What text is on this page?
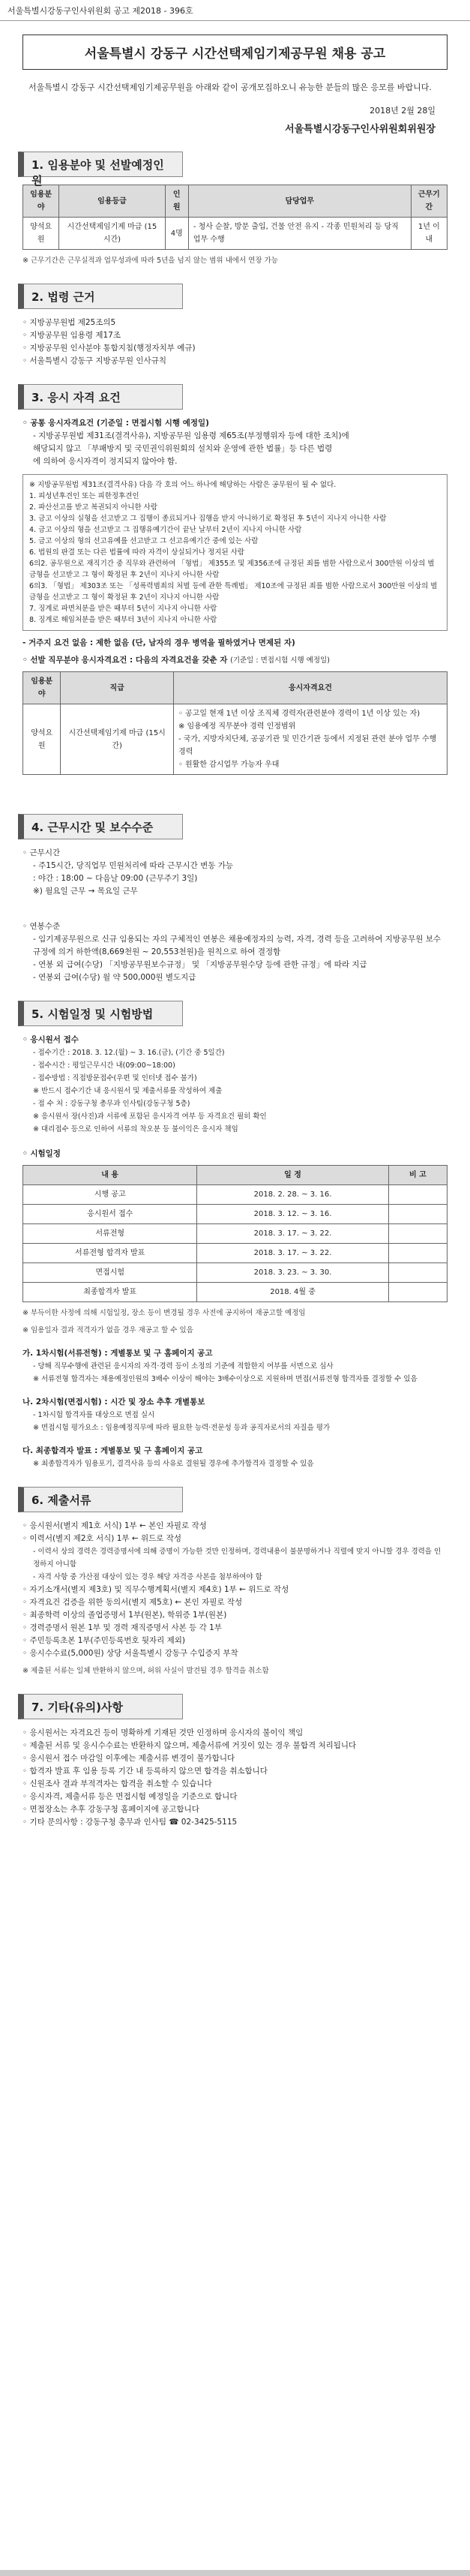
서울특별시강동구인사위원회 공고 제2018 - 396호
서울특별시 강동구 시간선택제임기제공무원 채용 공고
서울특별시 강동구 시간선택제임기제공무원을 아래와 같이 공개모집하오니 유능한 분들의 많은 응모를 바랍니다.
2018년 2월 28일
서울특별시강동구인사위원회위원장
1. 임용분야 및 선발예정인원
임용분야	임용등급	인원	담당업무	근무기간
양석요원	시간선택제임기제 마급 (15시간)	4명	- 청사 순찰, 방문 출입, 건물 안전 유지 - 각종 민원처리 등 당직 업무 수행	1년 이내
※ 근무기간은 근무실적과 업무성과에 따라 5년을 넘지 않는 범위 내에서 연장 가능
2. 법령 근거
◦ 지방공무원법 제25조의5
◦ 지방공무원 임용령 제17조
◦ 지방공무원 인사분야 통합지침(행정자치부 예규)
◦ 서울특별시 강동구 지방공무원 인사규칙
3. 응시 자격 요건
◦ 공통 응시자격요건 (기준일 : 면접시험 시행 예정일)
- 지방공무원법 제31조(결격사유), 지방공무원 임용령 제65조(부정행위자 등에 대한 조치)에
해당되지 않고 「부패방지 및 국민권익위원회의 설치와 운영에 관한 법률」등 다른 법령
에 의하여 응시자격이 정지되지 않아야 함.
※ 지방공무원법 제31조(결격사유) 다음 각 호의 어느 하나에 해당하는 사람은 공무원이 될 수 없다.
1. 피성년후견인 또는 피한정후견인
2. 파산선고를 받고 복권되지 아니한 사람
3. 금고 이상의 실형을 선고받고 그 집행이 종료되거나 집행을 받지 아니하기로 확정된 후 5년이 지나지 아니한 사람
4. 금고 이상의 형을 선고받고 그 집행유예기간이 끝난 날부터 2년이 지나지 아니한 사람
5. 금고 이상의 형의 선고유예를 선고받고 그 선고유예기간 중에 있는 사람
6. 법원의 판결 또는 다른 법률에 따라 자격이 상실되거나 정지된 사람
6의2. 공무원으로 재직기간 중 직무와 관련하여 「형법」 제355조 및 제356조에 규정된 죄를 범한 사람으로서 300만원 이상의 벌금형을 선고받고 그 형이 확정된 후 2년이 지나지 아니한 사람
6의3. 「형법」 제303조 또는 「성폭력범죄의 처벌 등에 관한 특례법」 제10조에 규정된 죄를 범한 사람으로서 300만원 이상의 벌금형을 선고받고 그 형이 확정된 후 2년이 지나지 아니한 사람
7. 징계로 파면처분을 받은 때부터 5년이 지나지 아니한 사람
8. 징계로 해임처분을 받은 때부터 3년이 지나지 아니한 사람
- 거주지 요건 없음 : 제한 없음 (단, 남자의 경우 병역을 필하였거나 면제된 자)
◦ 선발 직무분야 응시자격요건 : 다음의 자격요건을 갖춘 자 (기준일 : 면접시험 시행 예정일)
임용분야	직급	응시자격요건
양석요원	시간선택제임기제 마급 (15시간)	◦ 공고일 현재 1년 이상 조직체 경력자(관련분야 경력이 1년 이상 있는 자)
※ 임용예정 직무분야 경력 인정범위
- 국가, 지방자치단체, 공공기관 및 민간기관 등에서 지정된 관련 분야 업무 수행 경력
◦ 원활한 감시업무 가능자 우대
4. 근무시간 및 보수수준
◦ 근무시간
- 주15시간, 당직업무 민원처리에 따라 근무시간 변동 가능
: 야간 : 18:00 ~ 다음날 09:00 (근무주기 3일)
※) 월요일 근무 → 목요일 근무
◦ 연봉수준
- 임기제공무원으로 신규 임용되는 자의 구체적인 연봉은 채용예정자의 능력, 자격, 경력 등을 고려하여 지방공무원 보수규정에 의거 하한액(8,669천원 ~ 20,553천원)을 원칙으로 하여 결정함
- 연봉 외 급여(수당) 「지방공무원보수규정」 및 「지방공무원수당 등에 관한 규정」에 따라 지급
- 연봉외 급여(수당) 월 약 500,000원 별도지급
5. 시험일정 및 시험방법
◦ 응시원서 접수
- 접수기간 : 2018. 3. 12.(월) ~ 3. 16.(금), (기간 중 5일간)
- 접수시간 : 평일근무시간 내(09:00~18:00)
- 접수방법 : 직접방문접수(우편 및 인터넷 접수 불가)
※ 반드시 접수기간 내 응시원서 및 제출서류를 작성하여 제출
- 접 수 처 : 강동구청 총무과 인사팀(강동구청 5층)
※ 응시원서 장(사진)과 서류에 포함된 응시자격 여부 등 자격요건 필히 확인
※ 대리접수 등으로 인하여 서류의 착오분 등 불이익은 응시자 책임
◦ 시험일정
내 용	일 정	비 고
시행 공고	2018. 2. 28. ~ 3. 16.	
응시원서 접수	2018. 3. 12. ~ 3. 16.	
서류전형	2018. 3. 17. ~ 3. 22.	
서류전형 합격자 발표	2018. 3. 17. ~ 3. 22.	
면접시험	2018. 3. 23. ~ 3. 30.	
최종합격자 발표	2018. 4월 중	
※ 부득이한 사정에 의해 시험일정, 장소 등이 변경될 경우 사전에 공지하여 재공고할 예정임
※ 임용일자 결과 적격자가 없을 경우 재공고 할 수 있음
가. 1차시험(서류전형) : 게별통보 및 구 홈페이지 공고
- 당해 직무수행에 관련된 응시자의 자격·경력 등이 소정의 기준에 적합한지 여부를 서면으로 심사
※ 서류전형 합격자는 채용예정인원의 3배수 이상이 해야는 3배수이상으로 지원하며 면접(서류전형 합격자를 결정할 수 있음
나. 2차시험(면접시험) : 시간 및 장소 추후 개별통보
- 1차시험 합격자를 대상으로 면접 실시
※ 면접시험 평가요소 : 임용예정직무에 따라 필요한 능력·전문성 등과 공직자로서의 자질을 평가
다. 최종합격자 발표 : 게별통보 및 구 홈페이지 공고
※ 최종합격자가 임용포기, 결격사유 등의 사유로 결원될 경우에 추가합격자 결정할 수 있음
6. 제출서류
◦ 응시원서(별지 제1호 서식) 1부 ← 본인 자필로 작성
◦ 이력서(별지 제2호 서식) 1부 ← 위드로 작성
- 이력서 상의 경력은 경력증명서에 의해 증명이 가능한 것만 인정하며, 경력내용이 불분명하거나 직렬에 맞지 아니할 경우 경력을 인정하지 아니함
- 자격 사항 중 가산점 대상이 있는 경우 해당 자격증 사본을 첨부하여야 함
◦ 자기소개서(별지 제3호) 및 직무수행계획서(별지 제4호) 1부 ← 위드로 작성
◦ 자격요건 검증을 위한 동의서(별지 제5호) ← 본인 자필로 작성
◦ 최종학력 이상의 졸업증명서 1부(원본), 학위증 1부(원본)
◦ 경력증명서 원본 1부 및 경력 재직증명서 사본 등 각 1부
◦ 주민등록초본 1부(주민등록번호 뒷자리 제외)
◦ 응시수수료(5,000원) 상당 서울특별시 강동구 수입증지 부착
※ 제출된 서류는 일체 반환하지 않으며, 허위 사실이 발견될 경우 합격을 취소함
7. 기타(유의)사항
◦ 응시원서는 자격요건 등이 명확하게 기재된 것만 인정하며 응시자의 불이익 책임
◦ 제출된 서류 및 응시수수료는 반환하지 않으며, 제출서류에 거짓이 있는 경우 불합격 처리됩니다
◦ 응시원서 접수 마감일 이후에는 제출서류 변경이 불가합니다
◦ 합격자 발표 후 임용 등록 기간 내 등록하지 않으면 합격을 취소합니다
◦ 신원조사 결과 부적격자는 합격을 취소할 수 있습니다
◦ 응시자격, 제출서류 등은 면접시험 예정일을 기준으로 합니다
◦ 면접장소는 추후 강동구청 홈페이지에 공고합니다
◦ 기타 문의사항 : 강동구청 총무과 인사팀 ☎ 02-3425-5115
